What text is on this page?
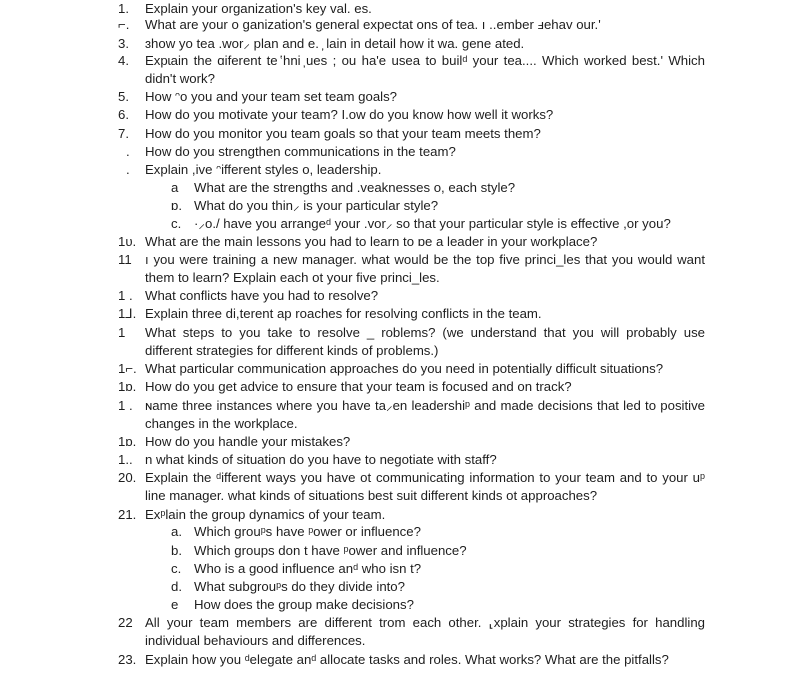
1.	Explain your organization's key val. es.
⌐.	What are your o ganization's general expectat ons of tea. ı ..ember ⅎehav our.'
3.	ɜhow yo tea .wor⸝ plan and e. ̦ lain in detail how it wa. gene ated.
4.	Expɩain the ɑiferent te ̔hni ̦ues ; ou ha'e usea to builᵈ your tea.... Which worked best.' Which didn't work?
5.	How ᵔo you and your team set team goals?
6.	How do you motivate your team? I.ow do you know how well it works?
7.	How do you monitor you team goals so that your team meets them?
.	How do you strengthen communications in the team?
.	Explain ,ive ᵔifferent styles o, leadership.
a	What are the strengths and .veaknesses o, each style?
ɒ. What do you thin⸝ is your particular style?
c. ·⸝o./ have you arrangeᵈ your .vor⸝ so that your particular style is effective ,or you?
1υ. What are the main lessons you had to learn to ɒe a leader in your workplace?
11	ı you were training a new manager. what would be the top five princi_les that you would want them to learn? Explain each ot your five princi_les.
1 . What conflicts have you had to resolve?
1⅃. Explain three di,terent ap roaches for resolving conflicts in the team.
1	What steps to you take to resolve _ roblems? (we understand that you will probably use different strategies for different kinds of problems.)
1⌐. What particular communication approaches do you need in potentially difficult situations?
1ɒ. How do you get advice to ensure that your team is focused and on track?
1 . ɴame three instances where you have ta⸝en leadershiᵖ and made decisions that led to positive changes in the workplace.
1ɒ. How do you handle your mistakes?
1.. n what kinds of situation do you have to negotiate with staff?
20. Explain the ᵈifferent ways you have ot communicating information to your team and to your uᵖ line manager. what kinds of situations best suit different kinds ot approaches?
21. Exᵖlain the group dynamics of your team.
a. Which grouᵖs have ᵖower or influence?
b. Which groups don t have ᵖower and influence?
c. Who is a good influence anᵈ who isn t?
d. What subgrouᵖs do they divide into?
e	How does the group make decisions?
22 All your team members are different trom each other. ⸤xplain your strategies for handling individual behaviours and differences.
23. Explain how you ᵈelegate anᵈ allocate tasks and roles. What works? What are the pitfalls?
